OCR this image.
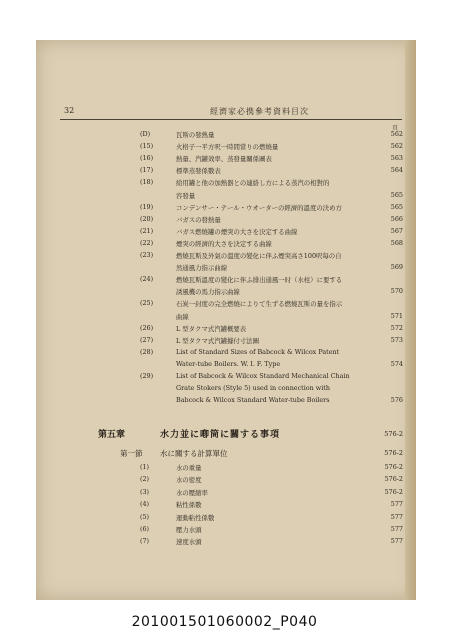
32	經濟家必携參考資料目次
頁
(D)	瓦斯の發熱量	562
(15)	火格子一平方呎一時間當りの燃燒量	562
(16)	熱量、汽罐效率、蒸發量關係圖表	563
(17)	標準蒸發係數表	564
(18)	給用罐と他の加熱器との連絡し方による蒸汽の相對的
容發量	565
(19)	コンデンサー・テール・ウオーターの經濟的溫度の決め方	565
(20)	バガスの發熱量	566
(21)	バガス燃燒罐の煙突の大さを決定する曲線	567
(22)	煙突の經濟的大さを決定する曲線	568
(23)	燃燒瓦斯及外氣の溫度の變化に伴ふ煙突高さ100呎每の自
然通風力指示曲線	569
(24)	燃燒瓦斯溫度の變化に伴ふ排出通風一时（水柱）に要する
誘風機の馬力指示曲線	570
(25)	石炭一封度の完全燃燒によりて生ずる燃燒瓦斯の量を指示
曲線	571
(26)	L 型タクマ式汽罐概要表	572
(27)	L 型タクマ式汽罐據付寸法圖	573
(28)	List of Standard Sizes of Babcock & Wilcox Patent
Water-tube Boilers. W. I. F. Type	574
(29)	List of Babcock & Wilcox Standard Mechanical Chain
Grate Stokers (Style 5) used in connection with
Babcock & Wilcox Standard Water-tube Boilers	576
第五章	水力並に喞筒に關する事項	576-2
第一節 水に關する計算單位	576-2
(1)	水の重量	576-2
(2)	水の密度	576-2
(3)	水の壓縮率	576-2
(4)	粘性係數	577
(5)	運動粘性係數	577
(6)	壓力水頭	577
(7)	速度水頭	577
201001501060002_P040
